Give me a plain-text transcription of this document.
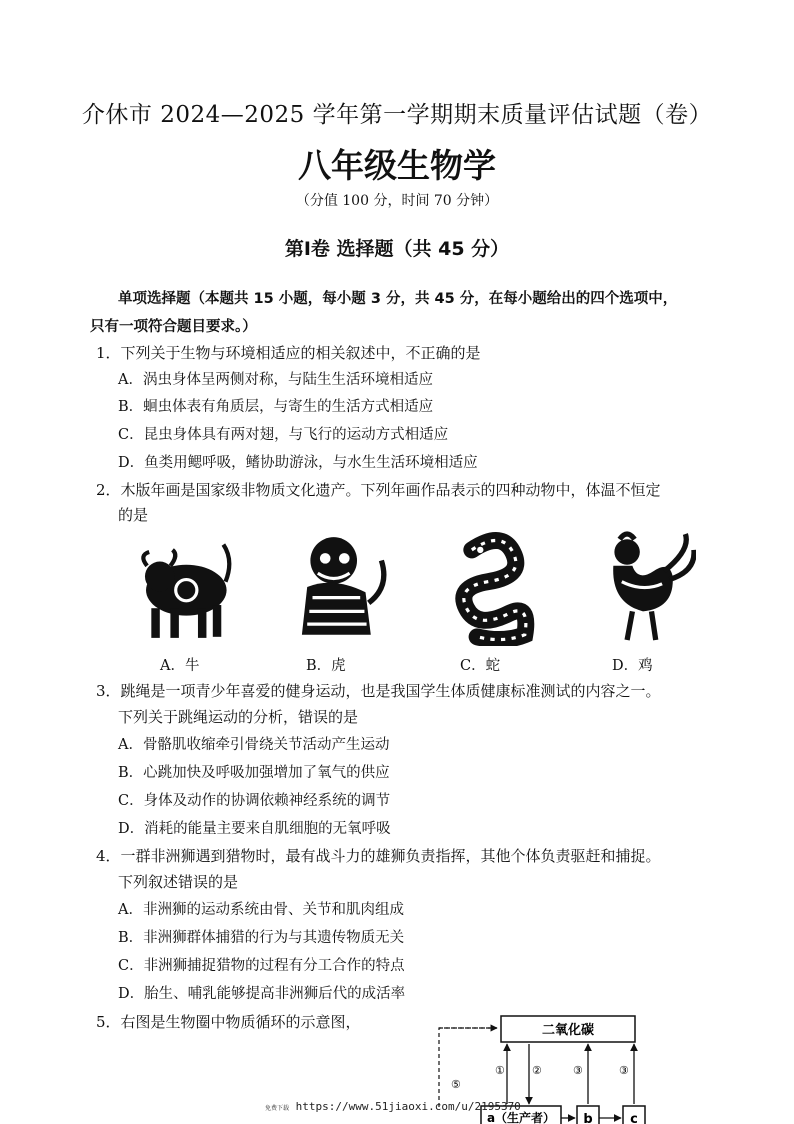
介休市 2024—2025 学年第一学期期末质量评估试题（卷）
八年级生物学
（分值 100 分，时间 70 分钟）
第Ⅰ卷 选择题（共 45 分）
单项选择题（本题共 15 小题，每小题 3 分，共 45 分，在每小题给出的四个选项中，
只有一项符合题目要求。）
1．下列关于生物与环境相适应的相关叙述中，不正确的是
A．涡虫身体呈两侧对称，与陆生生活环境相适应
B．蛔虫体表有角质层，与寄生的生活方式相适应
C．昆虫身体具有两对翅，与飞行的运动方式相适应
D．鱼类用鳃呼吸，鳍协助游泳，与水生生活环境相适应
2．木版年画是国家级非物质文化遗产。下列年画作品表示的四种动物中，体温不恒定
的是
A．牛	B．虎	C．蛇	D．鸡
3．跳绳是一项青少年喜爱的健身运动，也是我国学生体质健康标准测试的内容之一。
下列关于跳绳运动的分析，错误的是
A．骨骼肌收缩牵引骨绕关节活动产生运动
B．心跳加快及呼吸加强增加了氧气的供应
C．身体及动作的协调依赖神经系统的调节
D．消耗的能量主要来自肌细胞的无氧呼吸
4．一群非洲狮遇到猎物时，最有战斗力的雄狮负责指挥，其他个体负责驱赶和捕捉。
下列叙述错误的是
A．非洲狮的运动系统由骨、关节和肌肉组成
B．非洲狮群体捕猎的行为与其遗传物质无关
C．非洲狮捕捉猎物的过程有分工合作的特点
D．胎生、哺乳能够提高非洲狮后代的成活率
5．右图是生物圈中物质循环的示意图，	二氧化碳
a（生产者） b	c
① ②	③	③
⑤
免费下载 https://www.51jiaoxi.com/u/2195370
